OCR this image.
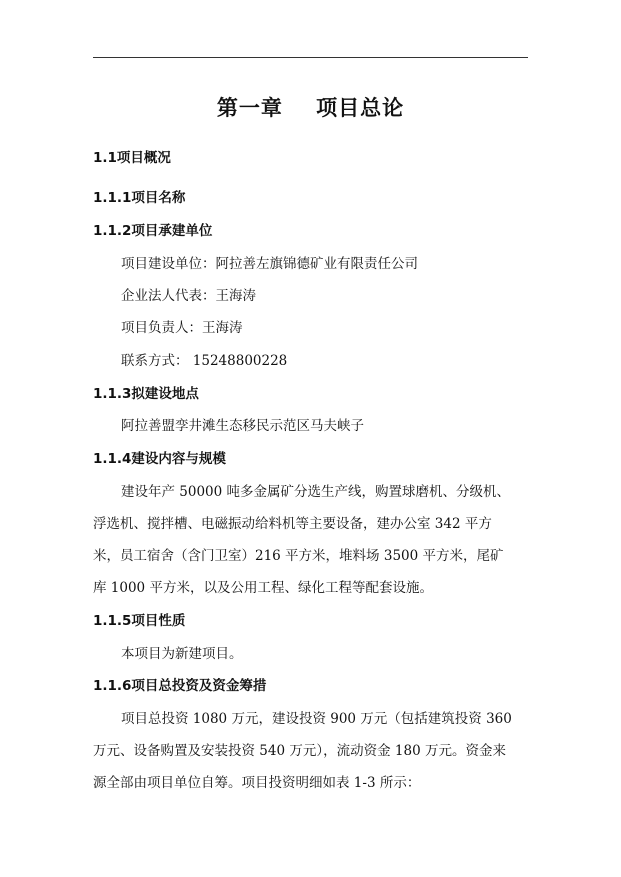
第一章    项目总论
1.1项目概况
1.1.1项目名称
1.1.2项目承建单位
项目建设单位：阿拉善左旗锦德矿业有限责任公司
企业法人代表：王海涛
项目负责人：王海涛
联系方式： 15248800228
1.1.3拟建设地点
阿拉善盟孪井滩生态移民示范区马夫峡子
1.1.4建设内容与规模
建设年产 50000 吨多金属矿分选生产线，购置球磨机、分级机、
浮选机、搅拌槽、电磁振动给料机等主要设备，建办公室 342 平方
米，员工宿舍（含门卫室）216 平方米，堆料场 3500 平方米，尾矿
库 1000 平方米，以及公用工程、绿化工程等配套设施。
1.1.5项目性质
本项目为新建项目。
1.1.6项目总投资及资金筹措
项目总投资 1080 万元，建设投资 900 万元（包括建筑投资 360
万元、设备购置及安装投资 540 万元），流动资金 180 万元。资金来
源全部由项目单位自筹。项目投资明细如表 1-3 所示：
